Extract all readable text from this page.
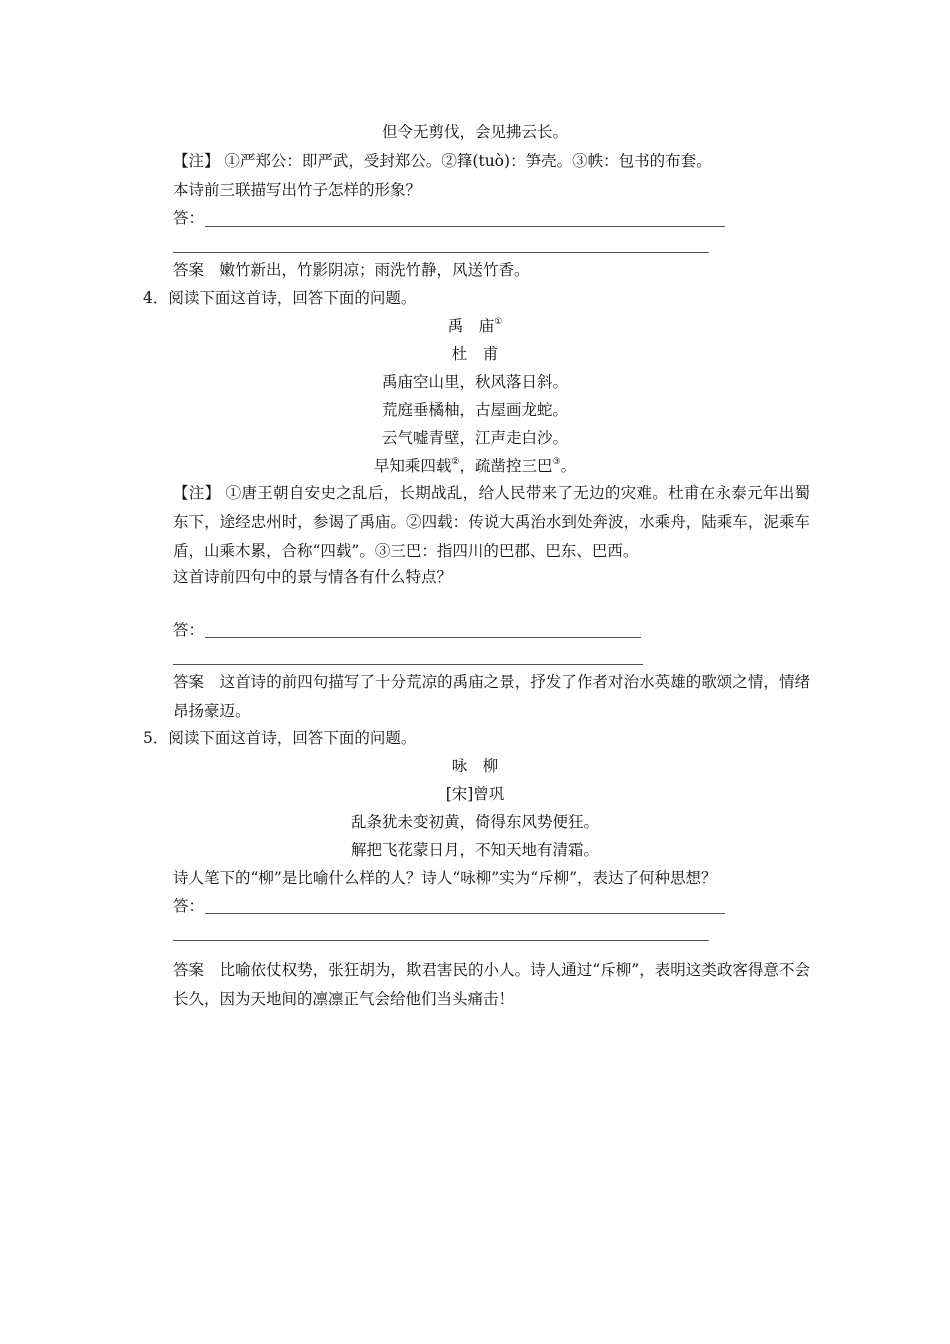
但令无剪伐，会见拂云长。
【注】 ①严郑公：即严武，受封郑公。②箨(tuò)：笋壳。③帙：包书的布套。
本诗前三联描写出竹子怎样的形象？
答：
答案　嫩竹新出，竹影阴凉；雨洗竹静，风送竹香。
4．阅读下面这首诗，回答下面的问题。
禹　庙①
杜　甫
禹庙空山里，秋风落日斜。
荒庭垂橘柚，古屋画龙蛇。
云气嘘青壁，江声走白沙。
早知乘四载②，疏凿控三巴③。
【注】 ①唐王朝自安史之乱后，长期战乱，给人民带来了无边的灾难。杜甫在永泰元年出蜀东下，途经忠州时，参谒了禹庙。②四载：传说大禹治水到处奔波，水乘舟，陆乘车，泥乘车盾，山乘木累，合称“四载”。③三巴：指四川的巴郡、巴东、巴西。
这首诗前四句中的景与情各有什么特点？
答：
答案　这首诗的前四句描写了十分荒凉的禹庙之景，抒发了作者对治水英雄的歌颂之情，情绪昂扬豪迈。
5．阅读下面这首诗，回答下面的问题。
咏　柳
[宋]曾巩
乱条犹未变初黄，倚得东风势便狂。
解把飞花蒙日月，不知天地有清霜。
诗人笔下的“柳”是比喻什么样的人？诗人“咏柳”实为“斥柳”，表达了何种思想？
答：
答案　比喻依仗权势，张狂胡为，欺君害民的小人。诗人通过“斥柳”，表明这类政客得意不会长久，因为天地间的凛凛正气会给他们当头痛击！
